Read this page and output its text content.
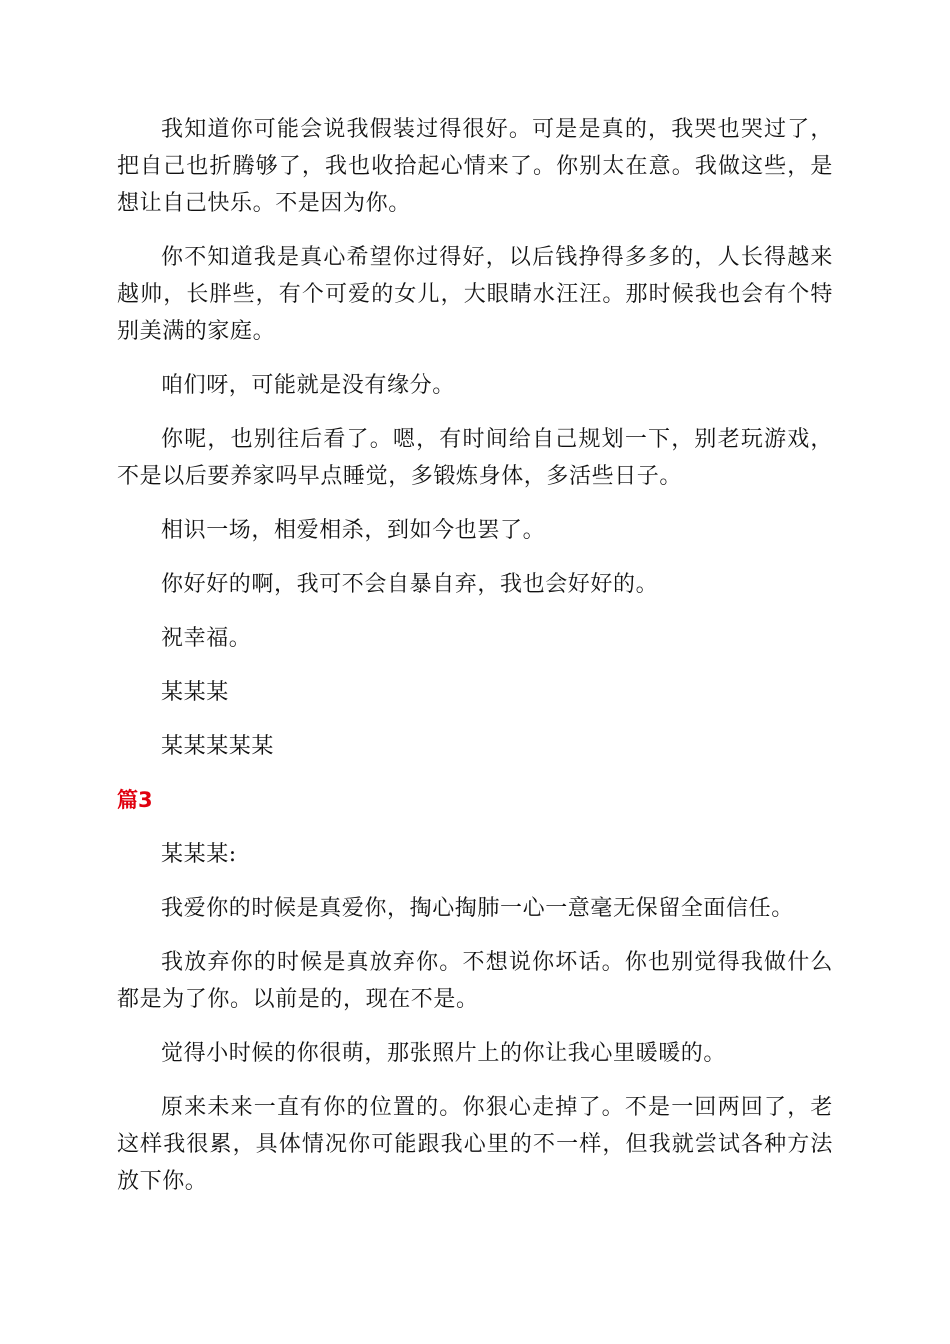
我知道你可能会说我假装过得很好。可是是真的，我哭也哭过了，把自己也折腾够了，我也收拾起心情来了。你别太在意。我做这些，是想让自己快乐。不是因为你。

你不知道我是真心希望你过得好，以后钱挣得多多的，人长得越来越帅，长胖些，有个可爱的女儿，大眼睛水汪汪。那时候我也会有个特别美满的家庭。

咱们呀，可能就是没有缘分。

你呢，也别往后看了。嗯，有时间给自己规划一下，别老玩游戏，不是以后要养家吗早点睡觉，多锻炼身体，多活些日子。

相识一场，相爱相杀，到如今也罢了。

你好好的啊，我可不会自暴自弃，我也会好好的。

祝幸福。

某某某

某某某某某

篇3

某某某:

我爱你的时候是真爱你，掏心掏肺一心一意毫无保留全面信任。

我放弃你的时候是真放弃你。不想说你坏话。你也别觉得我做什么都是为了你。以前是的，现在不是。

觉得小时候的你很萌，那张照片上的你让我心里暖暖的。

原来未来一直有你的位置的。你狠心走掉了。不是一回两回了，老这样我很累，具体情况你可能跟我心里的不一样，但我就尝试各种方法放下你。
